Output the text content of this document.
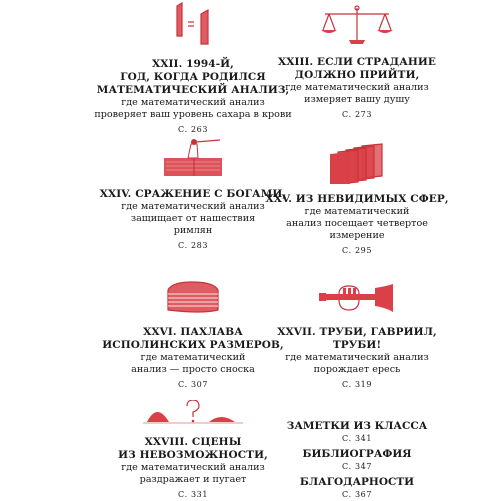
XXII. 1994-Й,
ГОД, КОГДА РОДИЛСЯ
МАТЕМАТИЧЕСКИЙ АНАЛИЗ,
где математический анализ
проверяет ваш уровень сахара в крови
С. 263
XXIII. ЕСЛИ СТРАДАНИЕ
ДОЛЖНО ПРИЙТИ,
где математический анализ
измеряет вашу душу
С. 273
XXIV. СРАЖЕНИЕ С БОГАМИ,
где математический анализ
защищает от нашествия
римлян
С. 283
XXV. ИЗ НЕВИДИМЫХ СФЕР,
где математический
анализ посещает четвертое
измерение
С. 295
XXVI. ПАХЛАВА
ИСПОЛИНСКИХ РАЗМЕРОВ,
где математический
анализ — просто сноска
С. 307
XXVII. ТРУБИ, ГАВРИИЛ,
ТРУБИ!
где математический анализ
порождает ересь
С. 319
XXVIII. СЦЕНЫ
ИЗ НЕВОЗМОЖНОСТИ,
где математический анализ
раздражает и пугает
С. 331
ЗАМЕТКИ ИЗ КЛАССА
С. 341
БИБЛИОГРАФИЯ
С. 347
БЛАГОДАРНОСТИ
С. 367
